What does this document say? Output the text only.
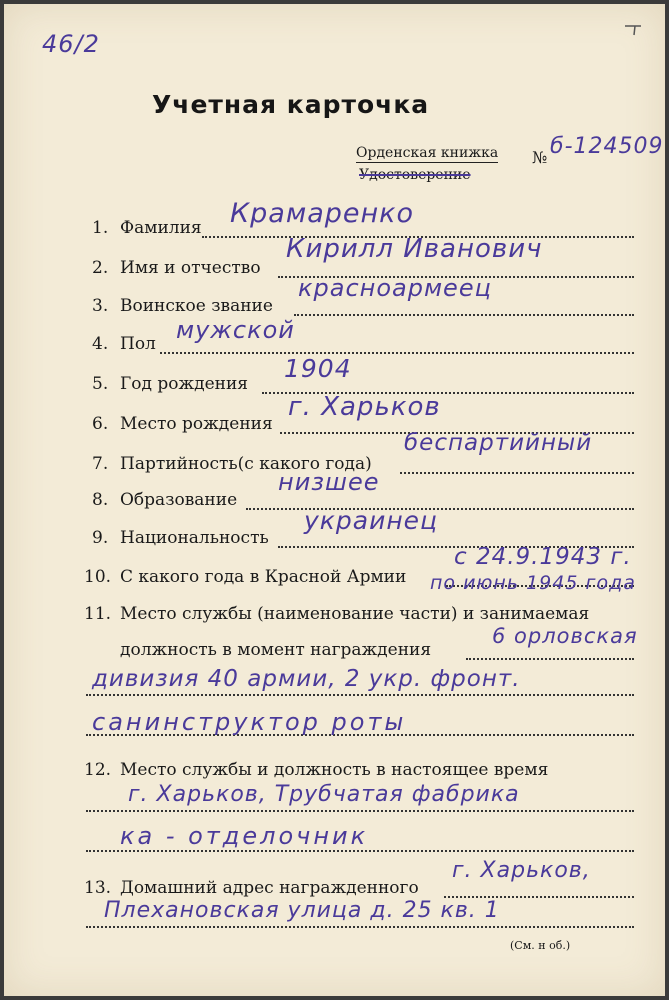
46/2
Учетная карточка
Орденская книжка
Удостоверение
№ б-124509
1. Фамилия Крамаренко
2. Имя и отчество
Кирилл Иванович
3. Воинское звание
красноармеец
4. Пол мужской
5. Год рождения
1904
6. Место рождения
г. Харьков
7. Партийность(с какого года)
беспартийный
8. Образование
низшее
9. Национальность
украинец
10. С какого года в Красной Армии
с 24.9.1943 г.
по июнь 1945 года
11. Место службы (наименование части) и занимаемая
должность в момент награждения
6 орловская
дивизия 40 армии, 2 укр. фронт.
санинструктор роты
12. Место службы и должность в настоящее время
г. Харьков, Трубчатая фабрика
ка - отделочник
13. Домашний адрес награжденного
г. Харьков,
Плехановская улица д. 25 кв. 1
(См. н об.)
